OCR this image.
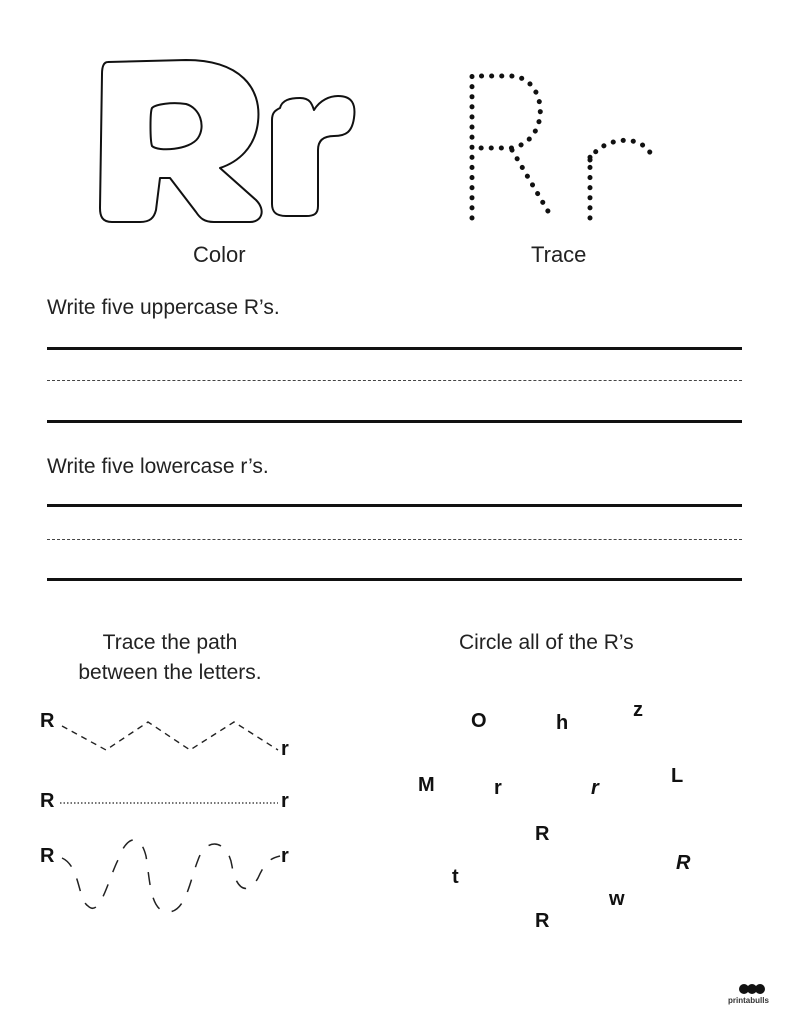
Color	Trace
Write five uppercase R’s.
Write five lowercase r’s.
Trace the path
between the letters.
R
r
R	r
R	r
Circle all of the R’s
O	h
z
M	r	r
L
R
R
t
w
R
printabulls
